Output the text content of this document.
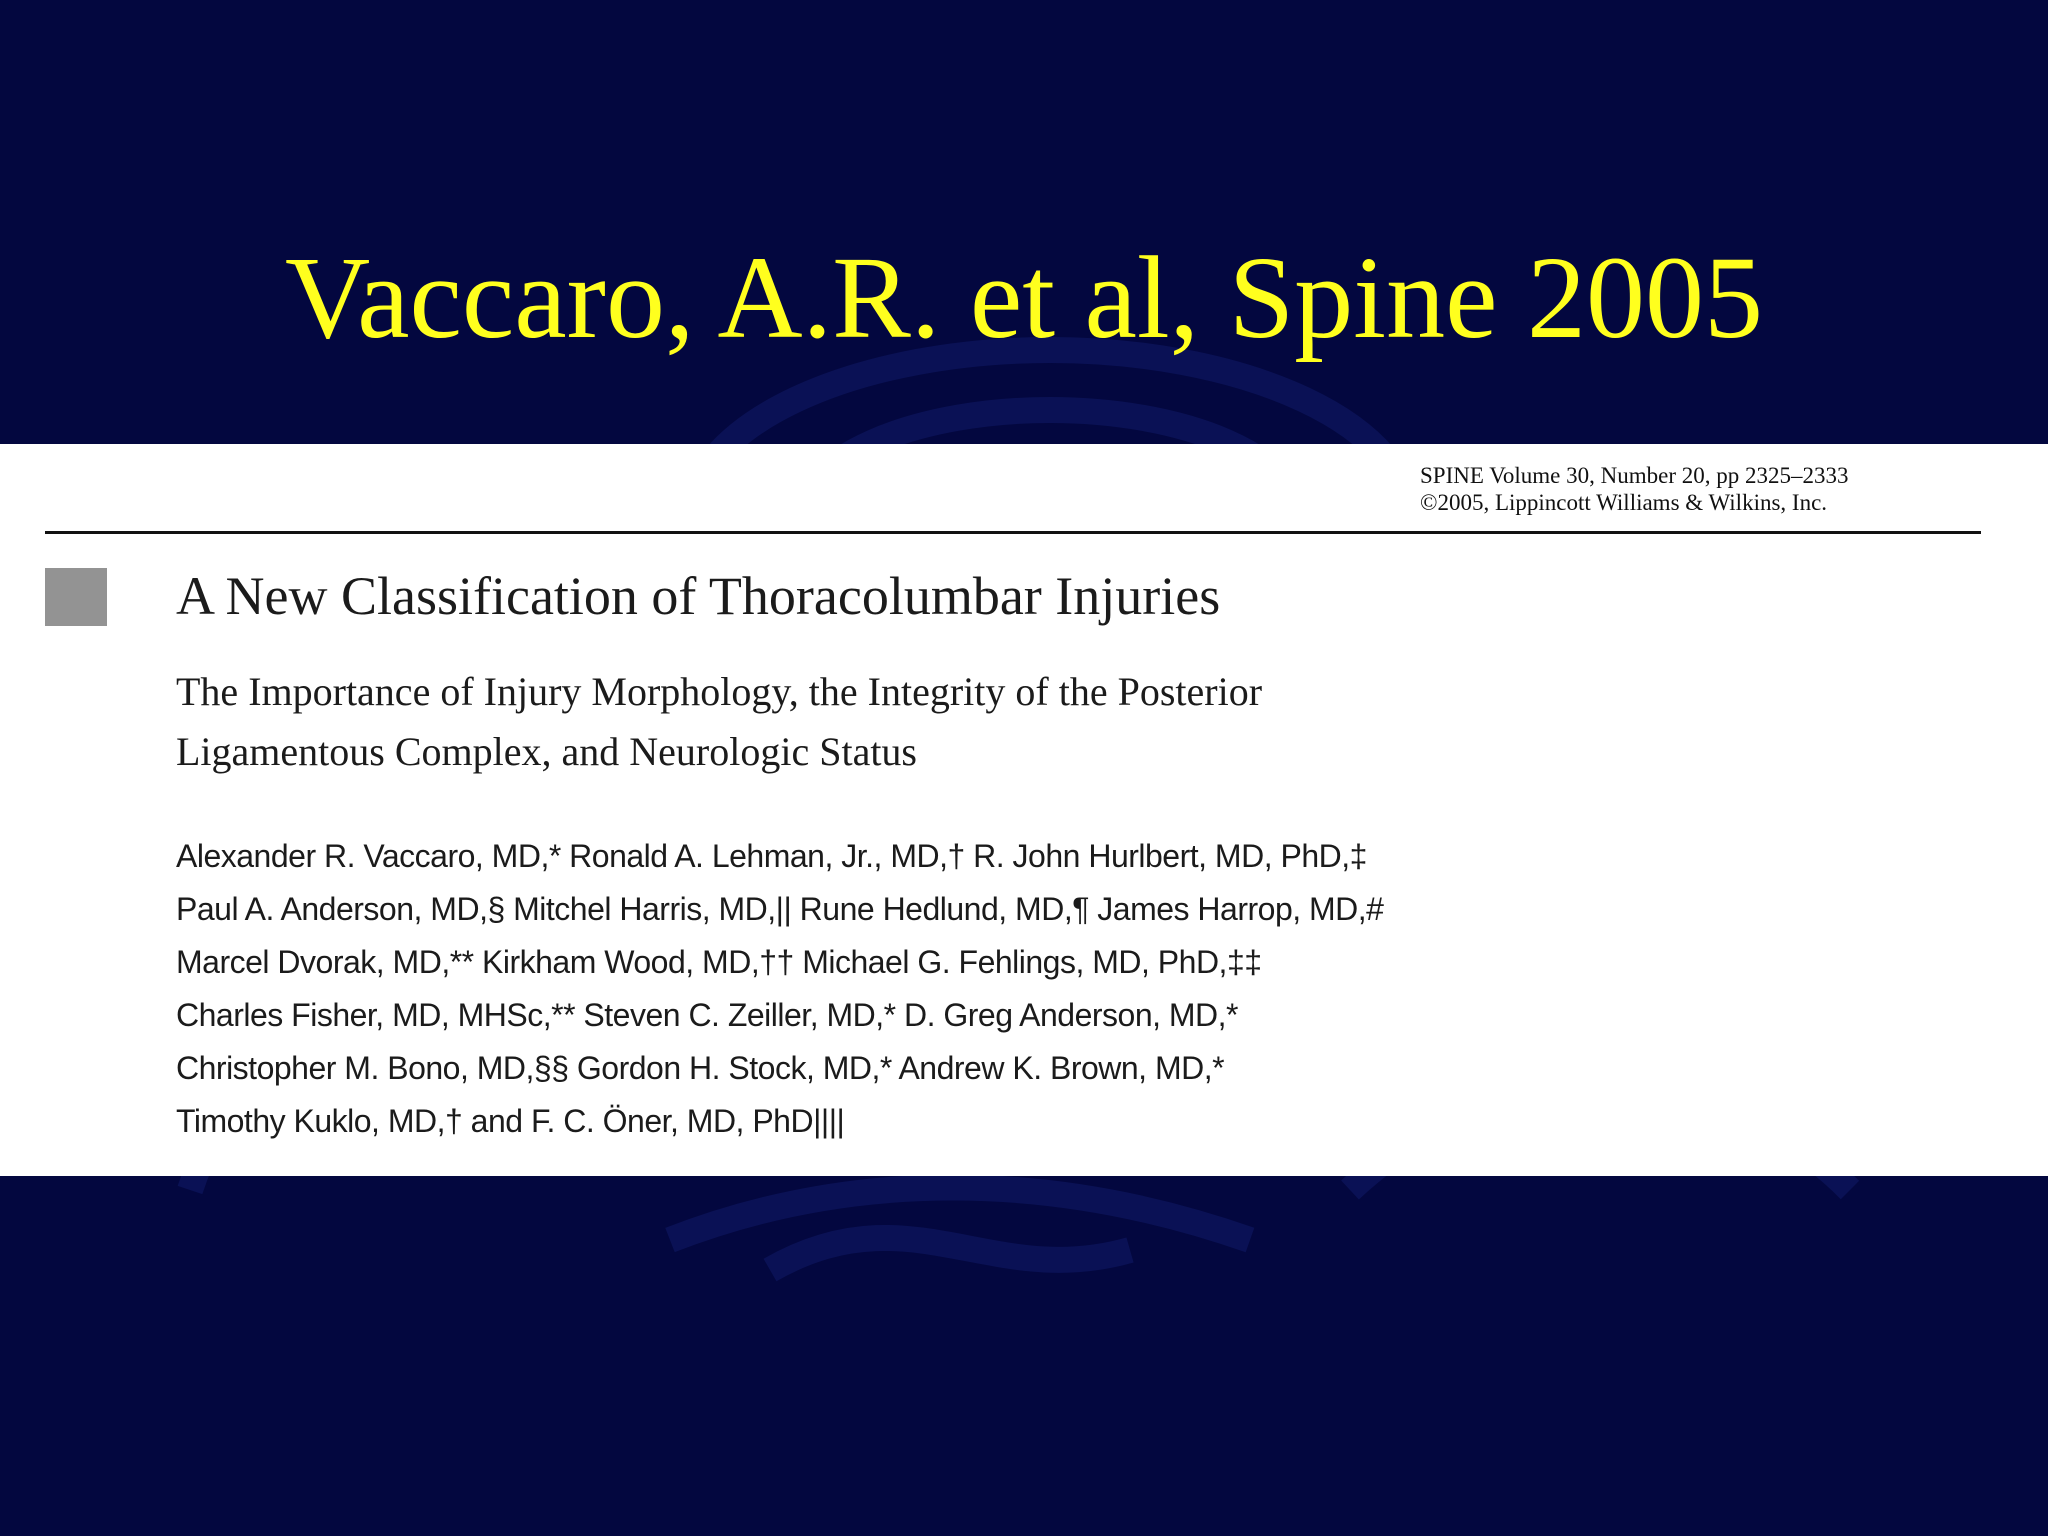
Vaccaro, A.R. et al, Spine 2005
SPINE Volume 30, Number 20, pp 2325–2333
©2005, Lippincott Williams & Wilkins, Inc.
A New Classification of Thoracolumbar Injuries
The Importance of Injury Morphology, the Integrity of the Posterior
Ligamentous Complex, and Neurologic Status
Alexander R. Vaccaro, MD,* Ronald A. Lehman, Jr., MD,† R. John Hurlbert, MD, PhD,‡
Paul A. Anderson, MD,§ Mitchel Harris, MD,|| Rune Hedlund, MD,¶ James Harrop, MD,#
Marcel Dvorak, MD,** Kirkham Wood, MD,†† Michael G. Fehlings, MD, PhD,‡‡
Charles Fisher, MD, MHSc,** Steven C. Zeiller, MD,* D. Greg Anderson, MD,*
Christopher M. Bono, MD,§§ Gordon H. Stock, MD,* Andrew K. Brown, MD,*
Timothy Kuklo, MD,† and F. C. Öner, MD, PhD||||
